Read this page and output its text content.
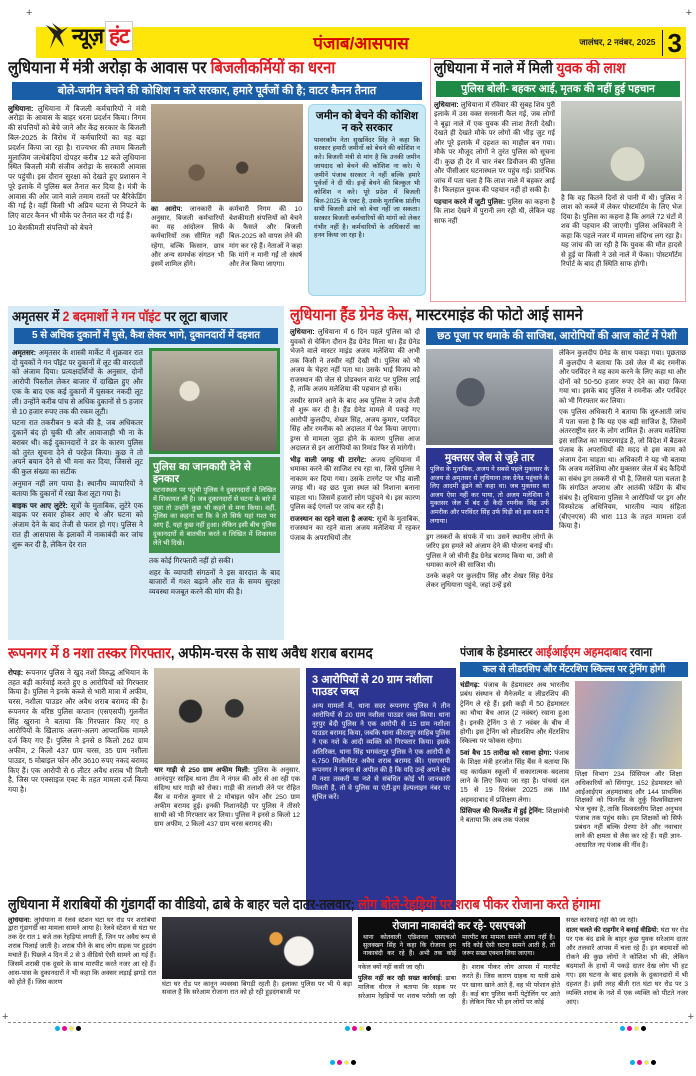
+	+
+	+
न्यूज़ हंट	पंजाब/आसपास	जालंधर, 2 नवंबर, 2025 3
लुधियाना में मंत्री अरोड़ा के आवास पर बिजलीकर्मियों का धरना
बोले-जमीन बेचने की कोशिश न करे सरकार, हमारे पूर्वजों की है; वाटर कैनन तैनात

लुधियाना: लुधियाना में बिजली कर्मचारियों ने मंत्री अरोड़ा के आवास के बाहर धरना प्रदर्शन किया। निगम की संपत्तियों को बेचे जाने और केंद्र सरकार के बिजली बिल-2025 के विरोध में कर्मचारियों का यह बड़ा प्रदर्शन किया जा रहा है। राज्यभर की तमाम बिजली मुलाजिम जत्थेबंदियां दोपहर करीब 12 बजे लुधियाना स्थित बिजली मंत्री संजीव अरोड़ा के सरकारी आवास पर पहुंची। इस दौरान सुरक्षा को देखते हुए प्रशासन ने पूरे इलाके में पुलिस बल तैनात कर दिया है। मंत्री के आवास की ओर जाने वाले तमाम रास्तों पर बैरिकेडिंग की गई है। वहीं किसी भी अप्रिय घटना से निपटने के लिए वाटर कैनन भी मौके पर तैनात कर दी गई हैं।

10 बेशकीमती संपत्तियों को बेचने

का आरोप: जानकारी के अनुसार, बिजली कर्मचारियों का यह आंदोलन सिर्फ कर्मचारियों तक सीमित नहीं रहेगा, बल्कि किसान, छात्र और अन्य समर्थक संगठन भी इसमें शामिल होंगे।

कर्मचारी निगम की 10 बेशकीमती संपत्तियों को बेचने के फैसले और बिजली बिल-2025 को वापस लेने की मांग कर रहे हैं। नेताओं ने कहा कि मांगें न मानी गईं तो संघर्ष और तेज किया जाएगा।

जमीन को बेचने की कोशिश न करे सरकार
पावरकॉम नेता सुखविंदर सिंह ने कहा कि सरकार हमारी जमीनों को बेचने की कोशिश न करे। बिजली मंत्री से मांग है कि उनकी जमीन जायदाद को बेचने की कोशिश ना करे। ये जमीनें पंजाब सरकार ने नहीं बल्कि हमारे पूर्वजों ने दी थी। इन्हें बेचने की बिल्कुल भी कोशिश न करे। पूरे प्रदेश में बिजली बिल-2025 के एक्ट है, उसके मुताबिक प्रांतीय सभी बिजली ढांचे को बेचा नहीं जा सकता। सरकार बिजली कर्मचारियों की मांगों को लेकर गंभीर नहीं है। कर्मचारियों के अधिकारों का हनन किया जा रहा है।
लुधियाना में नाले में मिली युवक की लाश
पुलिस बोली- बहकर आई, मृतक की नहीं हुई पहचान

लुधियाना: लुधियाना में रविवार की सुबह शिव पुरी इलाके में उस वक्त सनसनी फैल गई, जब लोगों ने बूढ़ा नाले में एक युवक की लाश तैरती देखी। देखते ही देखते मौके पर लोगों की भीड़ जुट गई और पूरे इलाके में दहशत का माहौल बन गया। मौके पर मौजूद लोगों ने तुरंत पुलिस को सूचना दी। कुछ ही देर में चार नंबर डिवीजन की पुलिस और पीसीआर घटनास्थल पर पहुंच गई। प्रारंभिक जांच में पता चला है कि लाश नाले में बहकर आई है। फिलहाल युवक की पहचान नहीं हो सकी है।

पहचान करने में जुटी पुलिस: पुलिस का कहना है कि लाश देखने में पुरानी लग रही थी, लेकिन यह साफ नहीं

है कि वह कितने दिनों से पानी में थी। पुलिस ने लाश को कब्जे में लेकर पोस्टमॉर्टम के लिए भेज दिया है। पुलिस का कहना है कि अगले 72 घंटों में शव की पहचान की जाएगी। पुलिस अधिकारी ने कहा कि पहले नजर में मामला संदिग्ध लग रहा है। यह जांच की जा रही है कि युवक की मौत हादसे से हुई या किसी ने उसे नाले में फेंका। पोस्टमॉर्टम रिपोर्ट के बाद ही स्थिति साफ होगी।

अमृतसर में 2 बदमाशों ने गन पॉइंट पर लूटा बाजार
5 से अधिक दुकानों में घुसे, कैश लेकर भागे, दुकानदारों में दहशत

अमृतसर: अमृतसर के शास्त्री मार्केट में शुक्रवार रात दो युवकों ने गन पॉइंट पर दुकानों में लूट की वारदातों को अंजाम दिया। प्रत्यक्षदर्शियों के अनुसार, दोनों आरोपी पिस्तौल लेकर बाजार में दाखिल हुए और एक के बाद एक कई दुकानों में घुसकर नकदी लूट ली। उन्होंने करीब पांच से अधिक दुकानों से 5 हजार से 10 हजार रुपए तक की रकम लूटी।

घटना रात तकरीबन 9 बजे की है, जब अधिकतर दुकानें बंद हो चुकी थी और आवाजाही भी ना के बराबर थी। कई दुकानदारों ने डर के कारण पुलिस को तुरंत सूचना देने से परहेज किया। कुछ ने तो अपने बयान देने से भी मना कर दिया, जिससे लूट की कुल संख्या का सटीक

अनुमान नहीं लग पाया है। स्थानीय व्यापारियों ने बताया कि दुकानों में रखा कैश लूटा गया है।

बाइक पर आए लुटेरे: सूत्रों के मुताबिक, लुटेरे एक बाइक पर सवार होकर आए थे और घटना को अंजाम देने के बाद तेजी से फरार हो गए। पुलिस ने रात ही आसपास के इलाकों में नाकाबंदी कर जांच शुरू कर दी है, लेकिन देर रात

पुलिस का जानकारी देने से इनकार
घटनास्थल पर पहुंची पुलिस ने दुकानदारों से लिखित में शिकायत ली है। जब दुकानदारों से घटना के बारे में पूछा तो उन्होंने कुछ भी कहने से मना किया। वहीं, पुलिस का कहना था कि वे तो सिर्फ यहां गश्त पर आए हैं, यहां कुछ नहीं हुआ। लेकिन इसी बीच पुलिस दुकानदारों से बातचीत करते व लिखित में शिकायत लेते भी दिखे।

तक कोई गिरफ्तारी नहीं हो सकी।

शहर के व्यापारी संगठनों ने इस वारदात के बाद बाजारों में गश्त बढ़ाने और रात के समय सुरक्षा व्यवस्था मजबूत करने की मांग की है।

लुधियाना हैंड ग्रेनेड केस, मास्टरमाइंड की फोटो आई सामने

लुधियाना: लुधियाना में 6 दिन पहले पुलिस को दो युवकों से चेकिंग दौरान हैंड ग्रेनेड मिला था। हैंड ग्रेनेड भेजने वाले मास्टर माइंड अजय मलेशिया की अभी तक किसी ने तस्वीर नहीं देखी थी। पुलिस को भी अजय के चेहरा नहीं पता था। उसके भाई विजय को राजस्थान की जेल से प्रोडक्शन वारंट पर पुलिस लाई है, ताकि अजय मलेशिया की पहचान हो सके।

तस्वीर सामने आने के बाद अब पुलिस ने जांच तेजी से शुरू कर दी है। हैंड ग्रेनेड मामले में पकड़े गए आरोपी कुलदीप, शेखर सिंह, अजय कुमार, परविंदर सिंह और रमनीक को अदालत में पेश किया जाएगा। ड्रग्स से मामला जुड़ा होने के कारण पुलिस आज अदालत से इन आरोपियों का रिमांड फिर से मांगेगी।

भीड़ वाली जगह थी टारगेट: अजय लुधियाना में धमाका करने की साजिश रच रहा था, जिसे पुलिस ने नाकाम कर दिया गया। उसके टारगेट पर भीड़ वाली जगह थी। वह छठ पूजा स्थल को निशाना बनाना चाहता था। जिसमें हजारों लोग पहुंचने थे। इस कारण पुलिस कई एंगलों पर जांच कर रही है।

राजस्थान का रहने वाला है अजय: सूत्रों के मुताबिक, राजस्थान का रहने वाला अजय मलेशिया में रहकर पंजाब के अपराधियों तौर

छठ पूजा पर धमाके की साजिश, आरोपियों की आज कोर्ट में पेशी
मुक्तसर जेल से जुड़े तार
पुलिस के मुताबिक, अजय ने सबसे पहले मुक्तसर के अजय से अमृतसर से लुधियाना तक ग्रेनेड पहुंचाने के लिए आदमी ढूंढने को कहा था। जब मुक्तसर का अजय ऐसा नहीं कर पाया, तो अजय मलेशिया ने मुक्तसर जेल में बंद दो कैदी रमनीक सिंह उर्फ अमरीक और परविंदर सिंह उर्फ घिड़ी को इस काम में लगाया।

ड्रग तस्करों के संपर्क में था। उसने स्थानीय लोगों के जरिए इस हमले को अंजाम देने की योजना बनाई थी। पुलिस ने जो चीनी हैंड ग्रेनेड बरामद किया था, उसी से धमाका करने की साजिश थी।

उनके कहने पर कुलदीप सिंह और शेखर सिंह ग्रेनेड लेकर लुधियाना पहुंचे, जहां उन्हें इसे

लेकिन कुलदीप ग्रेनेड के साथ पकड़ा गया। पूछताछ में कुलदीप ने बताया कि उसे जेल में बंद रमनीक और परविंदर ने यह काम करने के लिए कहा था और दोनों को 50-50 हजार रुपए देने का वादा किया गया था। इसके बाद पुलिस ने रमनीक और परविंदर को भी गिरफ्तार कर लिया।

एक पुलिस अधिकारी ने बताया कि शुरुआती जांच में पता चला है कि यह एक बड़ी साजिश है, जिसमें अंतरराष्ट्रीय स्तर के लोग शामिल हैं। अजय मलेशिया इस साजिश का मास्टरमाइंड है, जो विदेश में बैठकर पंजाब के अपराधियों की मदद से इस काम को अंजाम देना चाहता था। अधिकारी ने यह भी बताया कि अजय मलेशिया और मुक्तसर जेल में बंद कैदियों का संबंध ड्रग तस्करी से भी है, जिससे पता चलता है कि संगठित अपराध और आतंकी फंडिंग के बीच संबंध है। लुधियाना पुलिस ने आरोपियों पर ड्रग और विस्फोटक अधिनियम, भारतीय न्याय संहिता (बीएनएस) की धारा 113 के तहत मामला दर्ज किया है।

रूपनगर में 8 नशा तस्कर गिरफ्तार, अफीम-चरस के साथ अवैध शराब बरामद

रोपड़: रूपनगर पुलिस ने खुद नशों विरुद्ध अभियान के तहत बड़ी कार्रवाई करते हुए 8 आरोपियों को गिरफ्तार किया है। पुलिस ने इनके कब्जे से भारी मात्रा में अफीम, चरस, नशीला पाउडर और अवैध शराब बरामद की है। रूपनगर के वरिष्ठ पुलिस कप्तान (एसएसपी) गुलनीत सिंह खुराना ने बताया कि गिरफ्तार किए गए 8 आरोपियों के खिलाफ अलग-अलग आपराधिक मामले दर्ज किए गए हैं। पुलिस ने इनसे 8 किलो 262 ग्राम अफीम, 2 किलो 437 ग्राम चरस, 35 ग्राम नशीला पाउडर, 5 मोबाइल फोन और 3610 रुपए नकद बरामद किए हैं। एक आरोपी से 6 लीटर अवैध शराब भी मिली है, जिस पर एक्साइज एक्ट के तहत मामला दर्ज किया गया है।

थार गाड़ी से 250 ग्राम अफीम मिली: पुलिस के अनुसार, आनंदपुर साहिब थाना टीम ने नंगल की ओर से आ रही एक संदिग्ध थार गाड़ी को रोका। गाड़ी की तलाशी लेने पर रोहित बैंस व मनोज कुमार से 2 मोबाइल फोन और 250 ग्राम अफीम बरामद हुई। इनकी निशानदेही पर पुलिस ने तीसरे साथी को भी गिरफ्तार कर लिया। पुलिस ने इनसे 8 किलो 12 ग्राम अफीम, 2 किलो 437 ग्राम चरस बरामद की।

3 आरोपियों से 20 ग्राम नशीला पाउडर जब्त
अन्य मामलों में, थाना सदर रूपनगर पुलिस ने तीन आरोपियों से 20 ग्राम नशीला पाउडर जब्त किया। थाना नूरपुर बेदी पुलिस ने एक आरोपी से 15 ग्राम नशीला पाउडर बरामद किया, जबकि थाना कीरतपुर साहिब पुलिस ने एक नशे के आदी व्यक्ति को गिरफ्तार किया। इसके अतिरिक्त, थाना सिंह भगवंतपुर पुलिस ने एक आरोपी से 6,750 मिलीलीटर अवैध शराब बरामद की। एसएसपी रूपनगर ने जनता से अपील की है कि यदि उन्हें अपने क्षेत्र में नशा तस्करी या नशे से संबंधित कोई भी जानकारी मिलती है, तो वे पुलिस या एंटी-ड्रग हेल्पलाइन नंबर पर सूचित करें।
पंजाब के हेडमास्टर आईआईएम अहमदाबाद रवाना
कल से लीडरशिप और मेंटरशिप स्किल्स पर ट्रेनिंग होगी

चंडीगढ़: पंजाब के हेडमास्टर अब भारतीय प्रबंध संस्थान से मैनेजमेंट व लीडरशिप की ट्रेनिंग ले रहे हैं। इसी कड़ी में 50 हेडमास्टर का चौथा बैच आज (2 नवंबर) रवाना हुआ है। इनकी ट्रेनिंग 3 से 7 नवंबर के बीच में होगी। इस ट्रेनिंग को लीडरशिप और मेंटरशिप स्किल्स पर फोकस रहेगा।

5वां बैच 15 तारीख को रवाना होगा: पंजाब के शिक्षा मंत्री हरजोत सिंह बैंस ने बताया कि यह कार्यक्रम स्कूलों में सकारात्मक बदलाव लाने के लिए किया जा रहा है। पांचवां दल 15 से 19 दिसंबर 2025 तक IIM अहमदाबाद में प्रशिक्षण लेगा।

प्रिंसिपल की फिनलैंड में हुई ट्रेनिंग: शिक्षामंत्री ने बताया कि अब तक पंजाब

शिक्षा विभाग 234 प्रिंसिपल और शिक्षा अधिकारियों को सिंगापुर, 152 हेडमास्टर को आईआईएम अहमदाबाद और 144 प्राथमिक शिक्षकों को फिनलैंड के तुर्कु विश्वविद्यालय भेज चुका है, ताकि विश्वस्तरीय शिक्षा अनुभव पंजाब तक पहुंच सके। हम शिक्षकों को सिर्फ प्रबंधन नहीं बल्कि प्रेरणा देने और नवाचार लाने की क्षमता से लैस कर रहे हैं। यही ज्ञान-आधारित नए पंजाब की नींव है।

लुधियाना में शराबियों की गुंडागर्दी का वीडियो, ढाबे के बाहर चले दातर-तलवार; लोग बोले-रेहड़ियों पर शराब पीकर रोजाना करते हंगामा

लुधियाना: लुधियाना में रेलवे स्टेशन घंटा घर रोड पर शराबियों द्वारा गुंडागर्दी का मामला सामने आया है। रेलवे स्टेशन से घंटा घर तक देर रात 1 बजे तक रेहड़ियां लगती हैं, जिन पर अवैध रूप से शराब पिलाई जाती है। शराब पीने के बाद लोग सड़क पर हुड़दंग मचाते हैं। पिछले 4 दिन में 2 से 3 वीडियो ऐसी सामने आ गई हैं। जिसमें शराबी एक दूसरे के साथ मारपीट करते नजर आ रहे हैं। आस-पास के दुकानदारों ने भी कहा कि अक्सर लड़ाई झगड़े रात को होते हैं। जिस कारण	घंटा घर रोड पर कानून व्यवस्था बिगड़ी रहती है। इलाका पुलिस पर भी ये बड़ा सवाल है कि सरेआम रोजाना रात को हो रही हुड़दंगबाजी पर

रोजाना नाकाबंदी कर रहे- एसएचओ
थाना कोतवाली एडिशनल एसएचओ सुलक्खन सिंह ने कहा कि रोजाना हम नाकाबंदी कर रहे हैं। अभी तक कोई मारपीट का मामला सामने आया नहीं है। यदि कोई ऐसी घटना सामने आती है, तो जरूर सख्त एक्शन लिया जाएगा।

नकेल क्यों नहीं कसी जा रही।

पुलिस नहीं कर रही सख्त कार्रवाई: ढाबा मालिक धीरज ने बताया कि सड़क पर सरेआम रेहड़ियों पर शराब परोसी जा रही है। शराब पीकर लोग आपस में मारपीट करते हैं। जिस कारण ग्राहक या यात्री ढाबे पर खाना खाने आते हैं, वह भी परेशान होते हैं। कई बार पुलिस कर्मी पेट्रोलिंग पर आते हैं। लेकिन फिर भी इन लोगों पर कोई

सख्त कार्रवाई नहीं की जा रही।

दातर चलते की राहगीर ने बनाई वीडियो: घंटा घर रोड पर एक बंद ढाबे के बाहर कुछ युवक सरेआम दातर और तलवारें आपस में चला रहे हैं। इन बदमाशों को रोकने की कुछ लोगों ने कोशिश भी की, लेकिन बदमाशों के हाथों में पकड़े दातर देख लोग भी हट गए। इस घटना के बाद इलाके के दुकानदारों में भी दहशत है। इसी तरह बीती रात घंटा घर रोड पर 3 व्यक्ति शराब के नशे में एक व्यक्ति को पीटते नजर आए।
